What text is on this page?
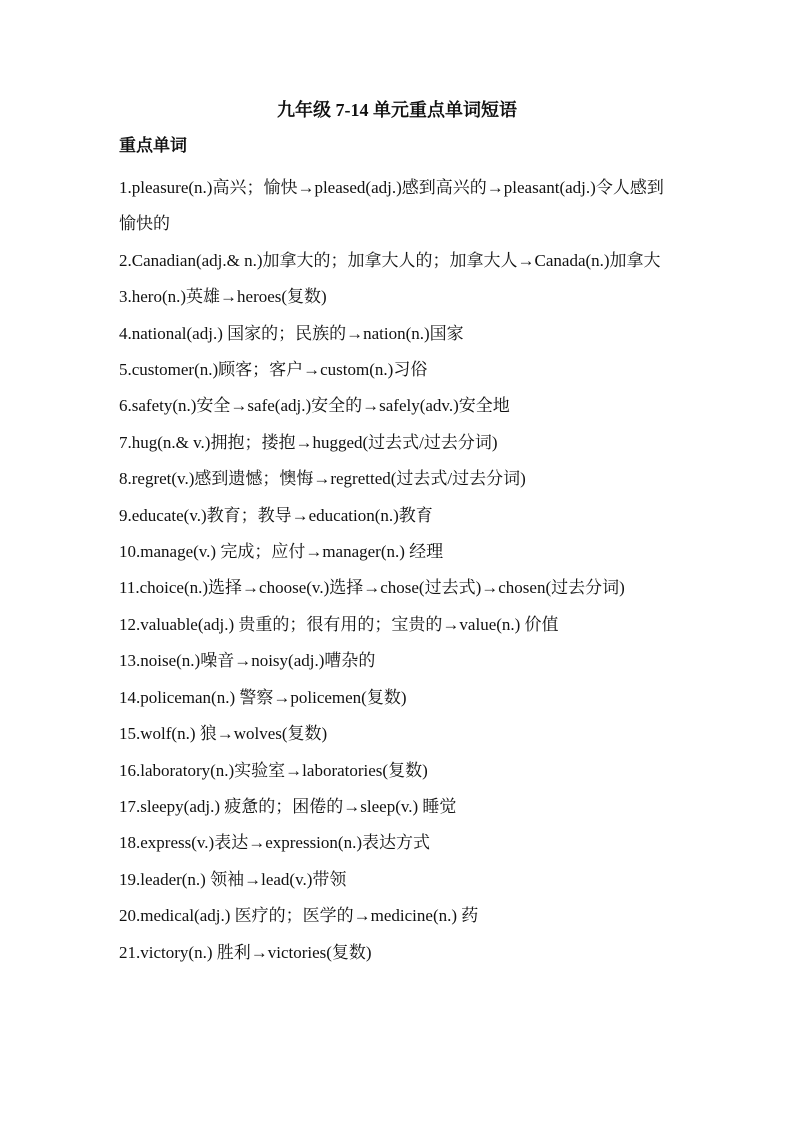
九年级 7-14 单元重点单词短语
重点单词
1.pleasure(n.)高兴；愉快→pleased(adj.)感到高兴的→pleasant(adj.)令人感到愉快的
2.Canadian(adj.& n.)加拿大的；加拿大人的；加拿大人→Canada(n.)加拿大
3.hero(n.)英雄→heroes(复数)
4.national(adj.) 国家的；民族的→nation(n.)国家
5.customer(n.)顾客；客户→custom(n.)习俗
6.safety(n.)安全→safe(adj.)安全的→safely(adv.)安全地
7.hug(n.& v.)拥抱；搂抱→hugged(过去式/过去分词)
8.regret(v.)感到遗憾；懊悔→regretted(过去式/过去分词)
9.educate(v.)教育；教导→education(n.)教育
10.manage(v.) 完成；应付→manager(n.) 经理
11.choice(n.)选择→choose(v.)选择→chose(过去式)→chosen(过去分词)
12.valuable(adj.) 贵重的；很有用的；宝贵的→value(n.) 价值
13.noise(n.)噪音→noisy(adj.)嘈杂的
14.policeman(n.) 警察→policemen(复数)
15.wolf(n.) 狼→wolves(复数)
16.laboratory(n.)实验室→laboratories(复数)
17.sleepy(adj.) 疲惫的；困倦的→sleep(v.) 睡觉
18.express(v.)表达→expression(n.)表达方式
19.leader(n.) 领袖→lead(v.)带领
20.medical(adj.) 医疗的；医学的→medicine(n.) 药
21.victory(n.) 胜利→victories(复数)
